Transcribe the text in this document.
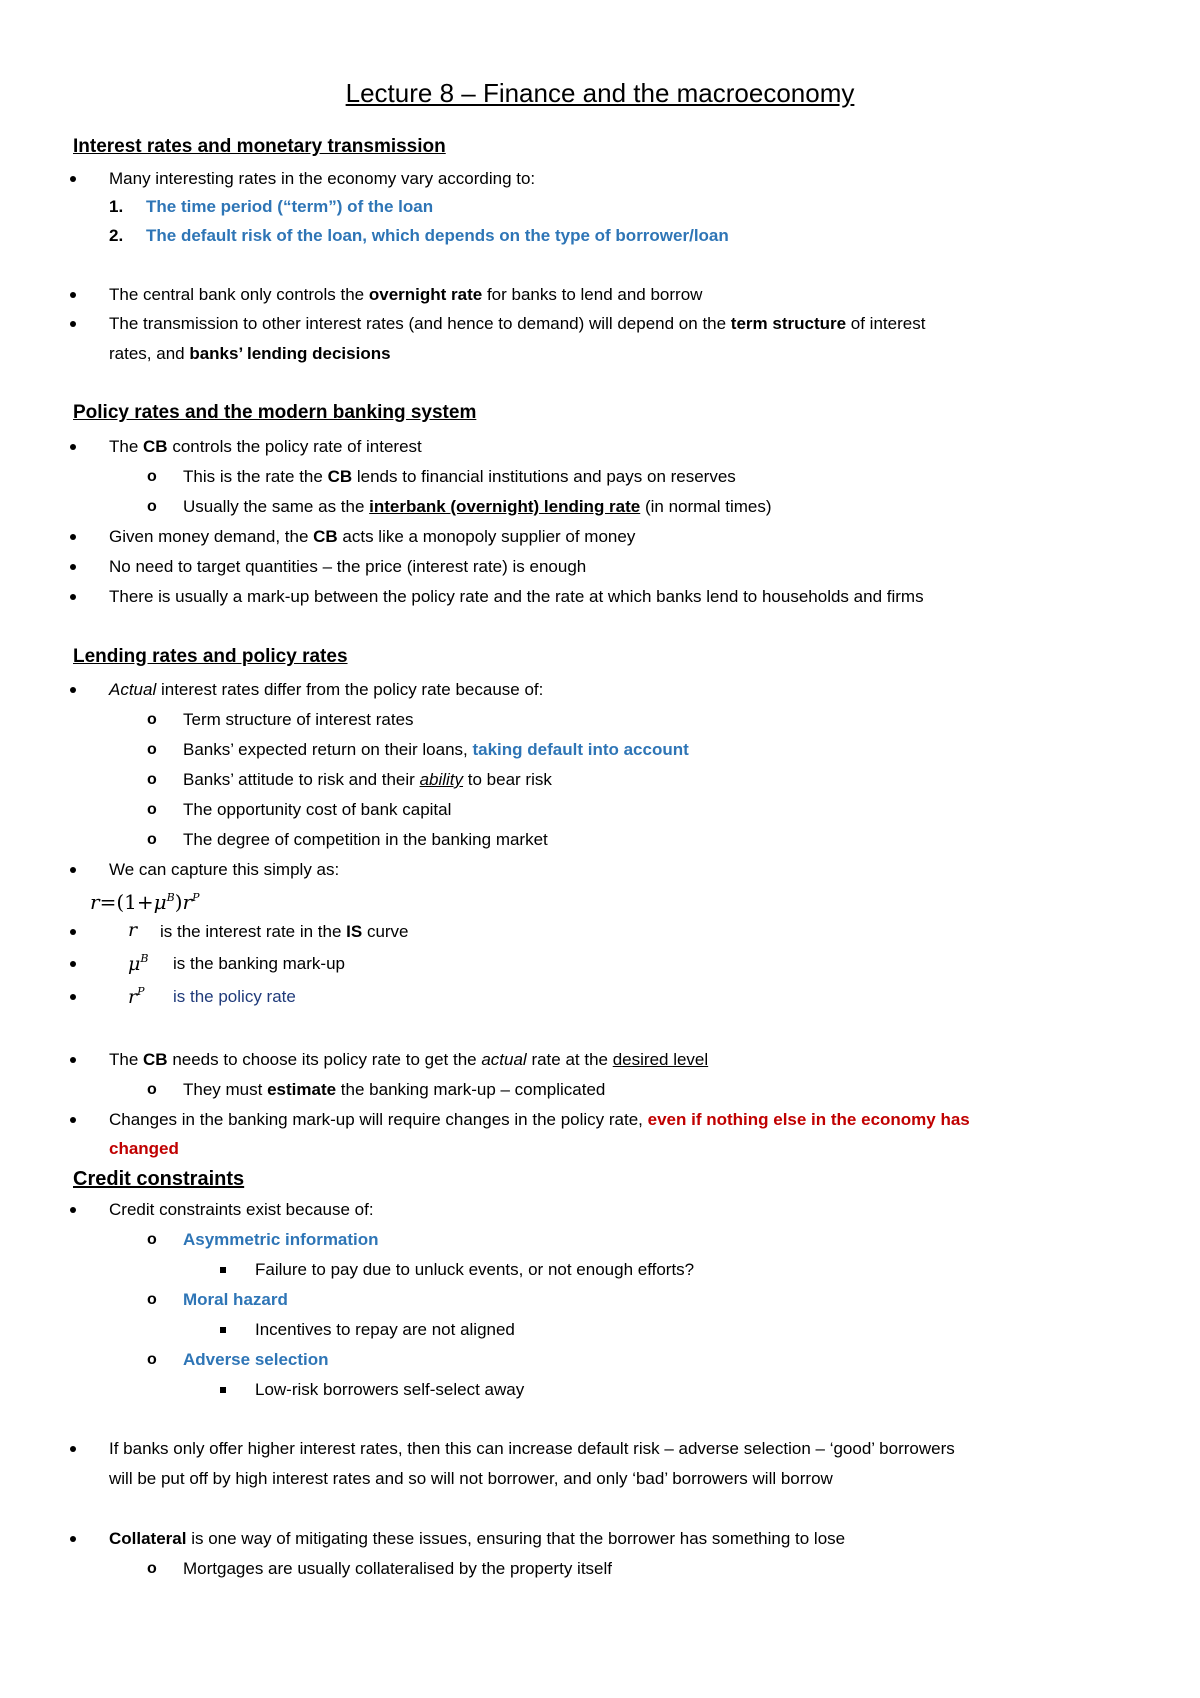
Lecture 8 – Finance and the macroeconomy
Interest rates and monetary transmission
Many interesting rates in the economy vary according to:
1. The time period (“term”) of the loan
2. The default risk of the loan, which depends on the type of borrower/loan
The central bank only controls the overnight rate for banks to lend and borrow
The transmission to other interest rates (and hence to demand) will depend on the term structure of interest
rates, and banks’ lending decisions
Policy rates and the modern banking system
The CB controls the policy rate of interest
o This is the rate the CB lends to financial institutions and pays on reserves
o Usually the same as the interbank (overnight) lending rate (in normal times)
Given money demand, the CB acts like a monopoly supplier of money
No need to target quantities – the price (interest rate) is enough
There is usually a mark-up between the policy rate and the rate at which banks lend to households and firms
Lending rates and policy rates
Actual interest rates differ from the policy rate because of:
o Term structure of interest rates
o Banks’ expected return on their loans, taking default into account
o Banks’ attitude to risk and their ability to bear risk
o The opportunity cost of bank capital
o The degree of competition in the banking market
We can capture this simply as:
$r=(1+\mu^B)r^P$
r is the interest rate in the IS curve
$\mu^B$ is the banking mark-up
$r^P$ is the policy rate
The CB needs to choose its policy rate to get the actual rate at the desired level
o They must estimate the banking mark-up – complicated
Changes in the banking mark-up will require changes in the policy rate, even if nothing else in the economy has
changed
Credit constraints
Credit constraints exist because of:
o Asymmetric information
Failure to pay due to unluck events, or not enough efforts?
o Moral hazard
Incentives to repay are not aligned
o Adverse selection
Low-risk borrowers self-select away
If banks only offer higher interest rates, then this can increase default risk – adverse selection – ‘good’ borrowers
will be put off by high interest rates and so will not borrower, and only ‘bad’ borrowers will borrow
Collateral is one way of mitigating these issues, ensuring that the borrower has something to lose
o Mortgages are usually collateralised by the property itself
